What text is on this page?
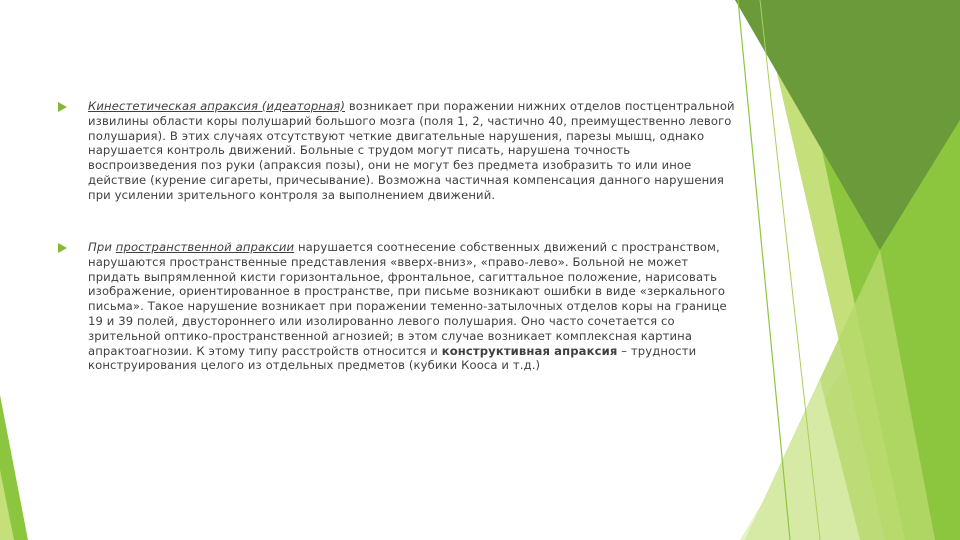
Кинестетическая апраксия (идеаторная) возникает при поражении нижних отделов постцентральной извилины области коры полушарий большого мозга (поля 1, 2, частично 40, преимущественно левого полушария). В этих случаях отсутствуют четкие двигательные нарушения, парезы мышц, однако нарушается контроль движений. Больные с трудом могут писать, нарушена точность воспроизведения поз руки (апраксия позы), они не могут без предмета изобразить то или иное действие (курение сигареты, причесывание). Возможна частичная компенсация данного нарушения при усилении зрительного контроля за выполнением движений.

При пространственной апраксии нарушается соотнесение собственных движений с пространством, нарушаются пространственные представления «вверх-вниз», «право-лево». Больной не может придать выпрямленной кисти горизонтальное, фронтальное, сагиттальное положение, нарисовать изображение, ориентированное в пространстве, при письме возникают ошибки в виде «зеркального письма». Такое нарушение возникает при поражении теменно-затылочных отделов коры на границе 19 и 39 полей, двустороннего или изолированно левого полушария. Оно часто сочетается со зрительной оптико-пространственной агнозией; в этом случае возникает комплексная картина апрактоагнозии. К этому типу расстройств относится и конструктивная апраксия – трудности конструирования целого из отдельных предметов (кубики Кооса и т.д.)
